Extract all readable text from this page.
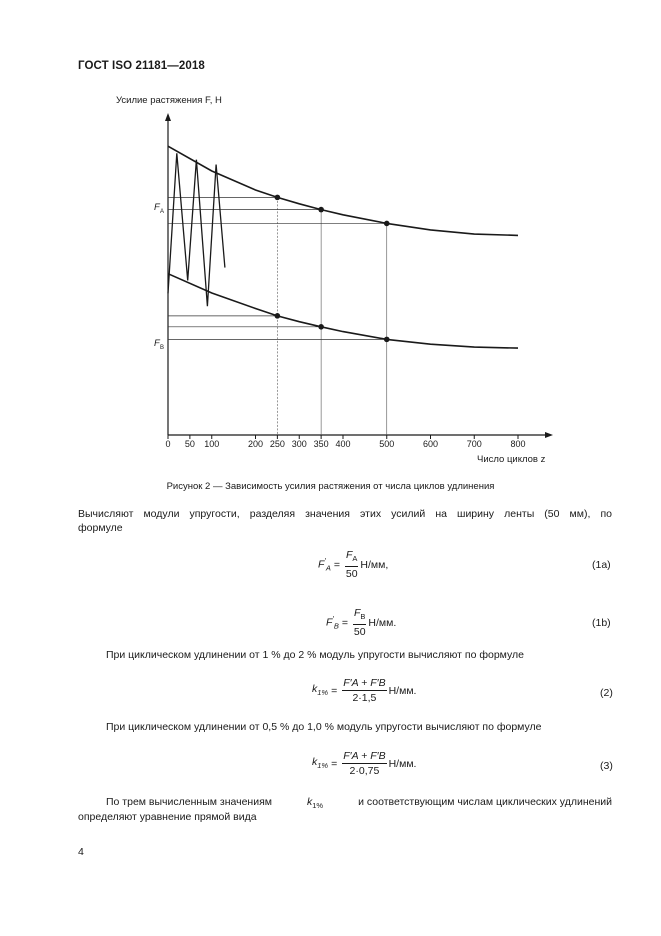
ГОСТ ISO 21181—2018
Усилие растяжения F, Н
Число циклов z
F A
F B
0 50 100	200 250 300 350 400	500	600	700	800
Рисунок 2 — Зависимость усилия растяжения от числа циклов удлинения
Вычисляют модули упругости, разделяя значения этих усилий на ширину ленты (50 мм), по
формуле
$F'_A = \frac{F_A}{50} Н/мм$,	(1a)
$F'_B = \frac{F_B}{50} Н/мм$.	(1b)
При циклическом удлинении от 1 % до 2 % модуль упругости вычисляют по формуле
$k_{1\%} = \frac{F'A + F'B}{2\cdot 1,5} Н/мм$.	(2)
При циклическом удлинении от 0,5 % до 1,0 % модуль упругости вычисляют по формуле
$k_{1\%} = \frac{F'A + F'B}{2\cdot 0,75} Н/мм$.	(3)
По трем вычисленным значениям	$k_{1\%}$	и соответствующим числам циклических удлинений
определяют уравнение прямой вида
4
